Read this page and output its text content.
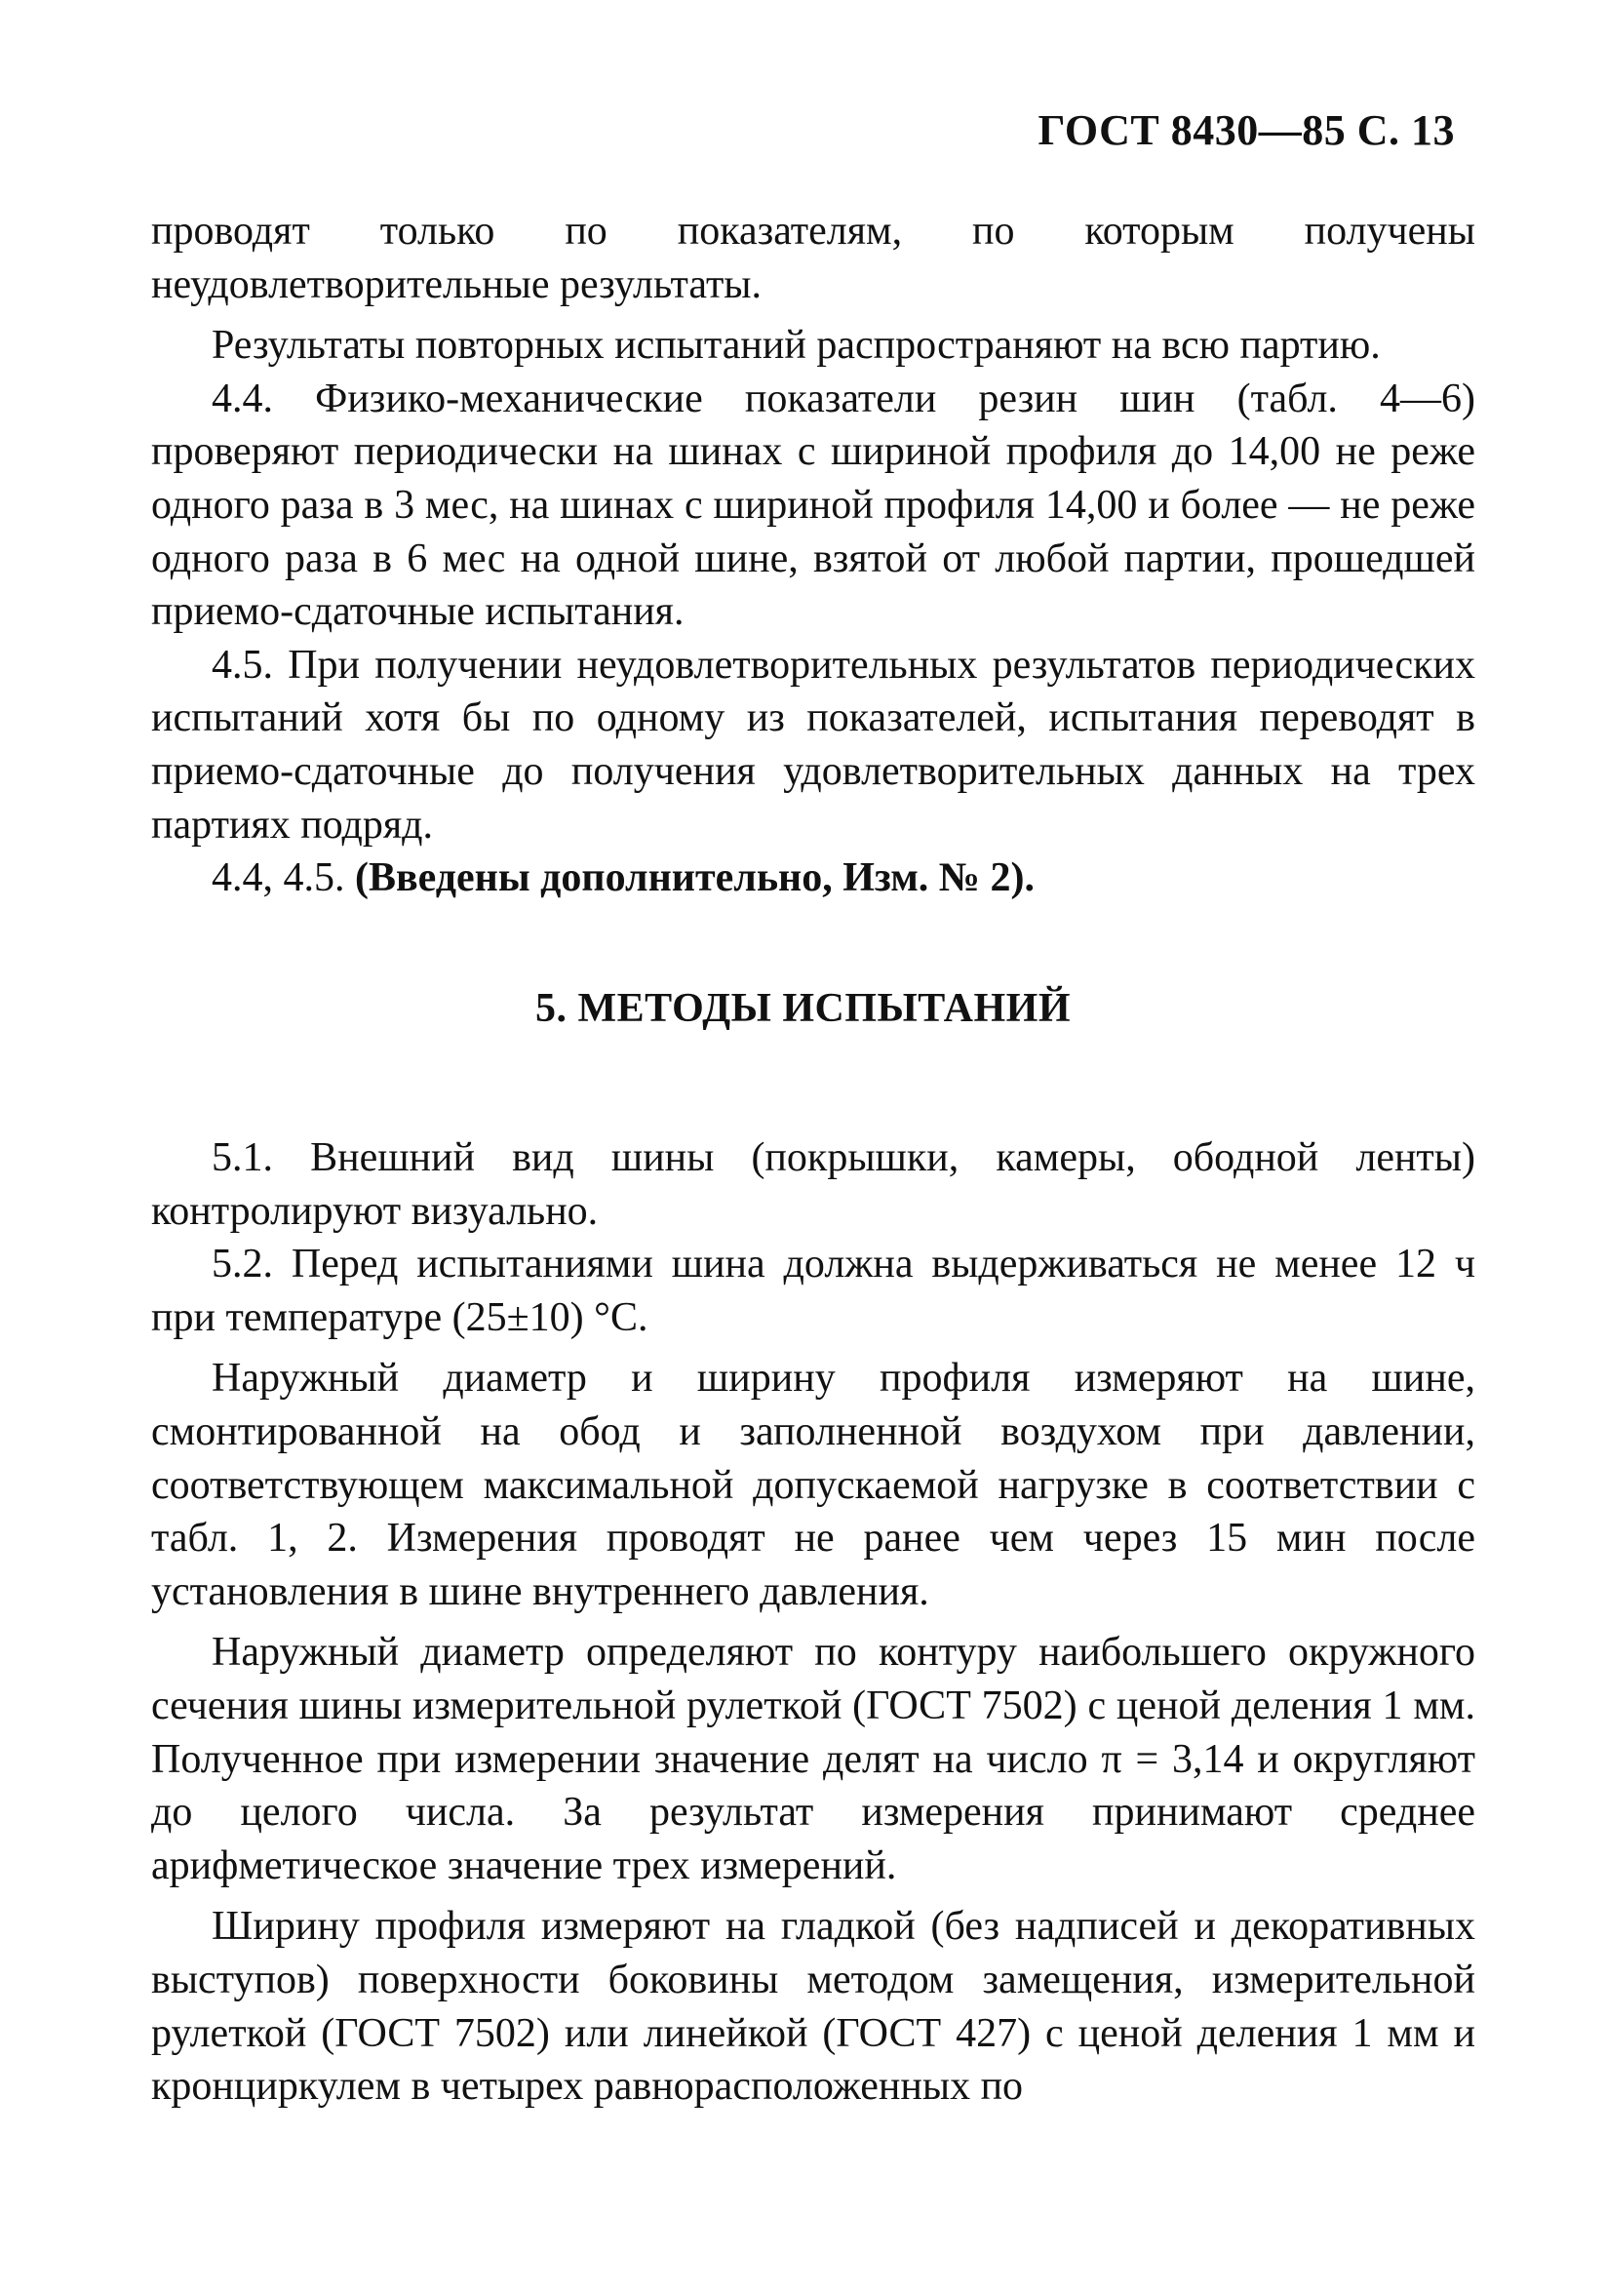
ГОСТ 8430—85 С. 13

проводят только по показателям, по которым получены неудовлетворительные результаты.

Результаты повторных испытаний распространяют на всю партию.

4.4. Физико-механические показатели резин шин (табл. 4—6) проверяют периодически на шинах с шириной профиля до 14,00 не реже одного раза в 3 мес, на шинах с шириной профиля 14,00 и более — не реже одного раза в 6 мес на одной шине, взятой от любой партии, прошедшей приемо-сдаточные испытания.

4.5. При получении неудовлетворительных результатов периодических испытаний хотя бы по одному из показателей, испытания переводят в приемо-сдаточные до получения удовлетворительных данных на трех партиях подряд.

4.4, 4.5. (Введены дополнительно, Изм. № 2).

5. МЕТОДЫ ИСПЫТАНИЙ

5.1. Внешний вид шины (покрышки, камеры, ободной ленты) контролируют визуально.

5.2. Перед испытаниями шина должна выдерживаться не менее 12 ч при температуре (25±10) °С.

Наружный диаметр и ширину профиля измеряют на шине, смонтированной на обод и заполненной воздухом при давлении, соответствующем максимальной допускаемой нагрузке в соответствии с табл. 1, 2. Измерения проводят не ранее чем через 15 мин после установления в шине внутреннего давления.

Наружный диаметр определяют по контуру наибольшего окружного сечения шины измерительной рулеткой (ГОСТ 7502) с ценой деления 1 мм. Полученное при измерении значение делят на число π = 3,14 и округляют до целого числа. За результат измерения принимают среднее арифметическое значение трех измерений.

Ширину профиля измеряют на гладкой (без надписей и декоративных выступов) поверхности боковины методом замещения, измерительной рулеткой (ГОСТ 7502) или линейкой (ГОСТ 427) с ценой деления 1 мм и кронциркулем в четырех равнорасположенных по
